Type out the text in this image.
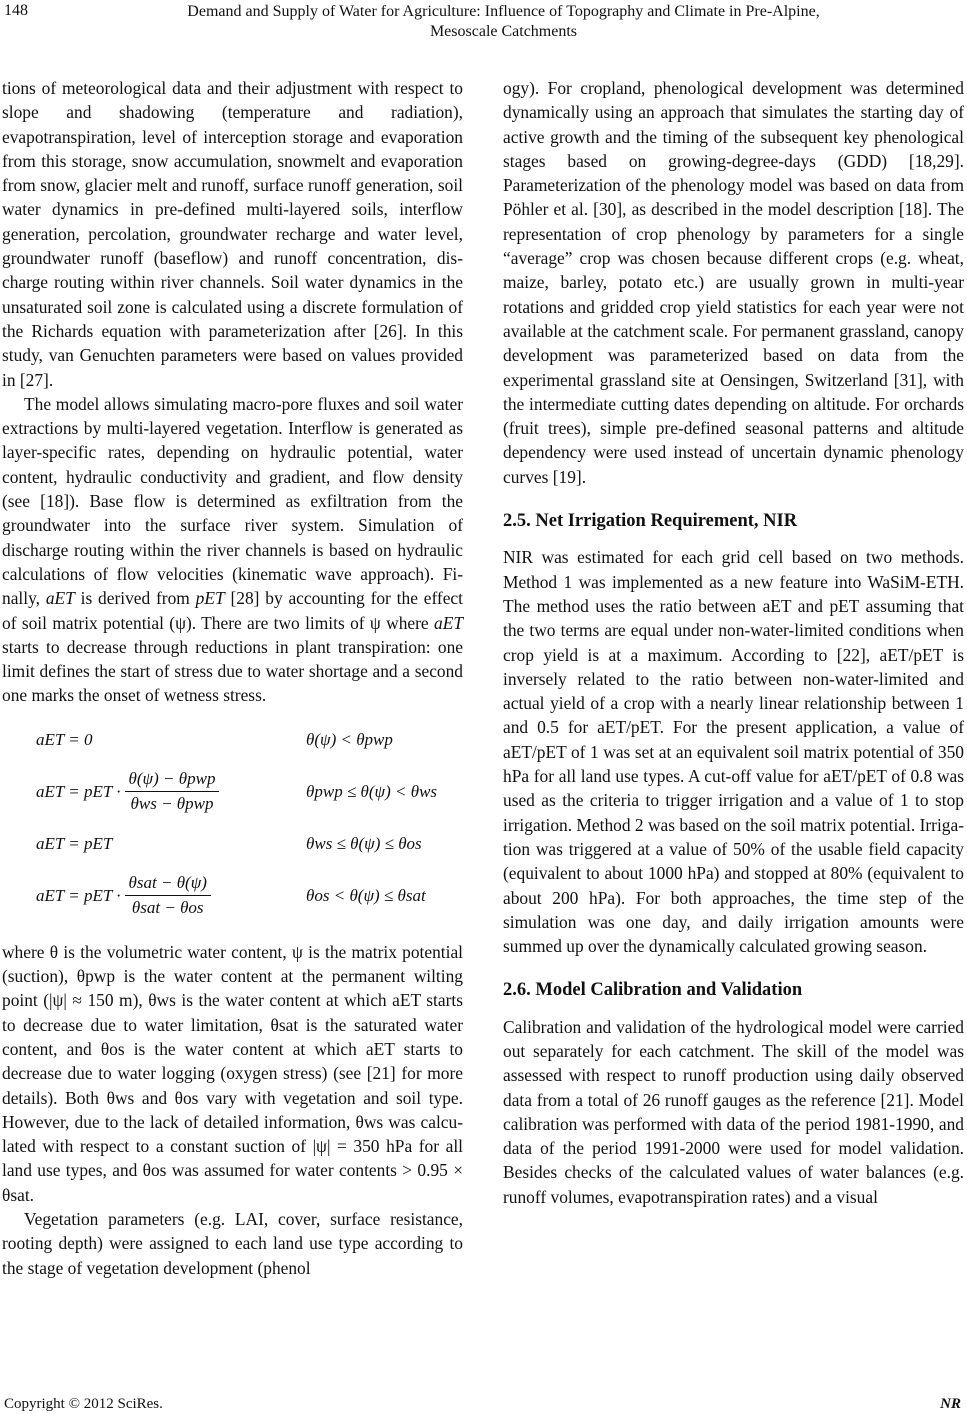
148	Demand and Supply of Water for Agriculture: Influence of Topography and Climate in Pre-Alpine,
Mesoscale Catchments

tions of meteorological data and their adjustment with respect to slope and shadowing (temperature and radiation), evapotranspiration, level of interception storage and evaporation from this storage, snow accumulation, snowmelt and evaporation from snow, glacier melt and runoff, surface runoff generation, soil water dynamics in pre-defined multi-layered soils, interflow generation, percolation, groundwater recharge and water level, groundwater runoff (baseflow) and runoff concentration, discharge routing within river channels. Soil water dynamics in the unsaturated soil zone is calculated using a discrete formulation of the Richards equation with parameterization after [26]. In this study, van Genuchten parameters were based on values provided in [27].

The model allows simulating macro-pore fluxes and soil water extractions by multi-layered vegetation. Interflow is generated as layer-specific rates, depending on hydraulic potential, water content, hydraulic conductivity and gradient, and flow density (see [18]). Base flow is determined as exfiltration from the groundwater into the surface river system. Simulation of discharge routing within the river channels is based on hydraulic calculations of flow velocities (kinematic wave approach). Finally, aET is derived from pET [28] by accounting for the effect of soil matrix potential (ψ). There are two limits of ψ where aET starts to decrease through reductions in plant transpiration: one limit defines the start of stress due to water shortage and a second one marks the onset of wetness stress.

aET = 0	θ(ψ) < θpwp
aET = pET · $\frac{\text{θ(ψ) − θpwp}}{\text{θws − θpwp}}$	θpwp ≤ θ(ψ) < θws
aET = pET	θws ≤ θ(ψ) ≤ θos
aET = pET · $\frac{\text{θsat − θ(ψ)}}{\text{θsat − θos}}$	θos < θ(ψ) ≤ θsat

where θ is the volumetric water content, ψ is the matrix potential (suction), θpwp is the water content at the permanent wilting point (|ψ| ≈ 150 m), θws is the water content at which aET starts to decrease due to water limitation, θsat is the saturated water content, and θos is the water content at which aET starts to decrease due to water logging (oxygen stress) (see [21] for more details). Both θws and θos vary with vegetation and soil type. However, due to the lack of detailed information, θws was calculated with respect to a constant suction of |ψ| = 350 hPa for all land use types, and θos was assumed for water contents > 0.95 × θsat.

Vegetation parameters (e.g. LAI, cover, surface resistance, rooting depth) were assigned to each land use type according to the stage of vegetation development (phenol

ogy). For cropland, phenological development was determined dynamically using an approach that simulates the starting day of active growth and the timing of the subsequent key phenological stages based on growing-degree-days (GDD) [18,29]. Parameterization of the phenology model was based on data from Pöhler et al. [30], as described in the model description [18]. The representation of crop phenology by parameters for a single “average” crop was chosen because different crops (e.g. wheat, maize, barley, potato etc.) are usually grown in multi-year rotations and gridded crop yield statistics for each year were not available at the catchment scale. For permanent grassland, canopy development was parameterized based on data from the experimental grassland site at Oensingen, Switzerland [31], with the intermediate cutting dates depending on altitude. For orchards (fruit trees), simple pre-defined seasonal patterns and altitude dependency were used instead of uncertain dynamic phenology curves [19].

2.5. Net Irrigation Requirement, NIR

NIR was estimated for each grid cell based on two methods. Method 1 was implemented as a new feature into WaSiM-ETH. The method uses the ratio between aET and pET assuming that the two terms are equal under non-water-limited conditions when crop yield is at a maximum. According to [22], aET/pET is inversely related to the ratio between non-water-limited and actual yield of a crop with a nearly linear relationship between 1 and 0.5 for aET/pET. For the present application, a value of aET/pET of 1 was set at an equivalent soil matrix potential of 350 hPa for all land use types. A cut-off value for aET/pET of 0.8 was used as the criteria to trigger irrigation and a value of 1 to stop irrigation. Method 2 was based on the soil matrix potential. Irrigation was triggered at a value of 50% of the usable field capacity (equivalent to about 1000 hPa) and stopped at 80% (equivalent to about 200 hPa). For both approaches, the time step of the simulation was one day, and daily irrigation amounts were summed up over the dynamically calculated growing season.

2.6. Model Calibration and Validation

Calibration and validation of the hydrological model were carried out separately for each catchment. The skill of the model was assessed with respect to runoff production using daily observed data from a total of 26 runoff gauges as the reference [21]. Model calibration was performed with data of the period 1981-1990, and data of the period 1991-2000 were used for model validation. Besides checks of the calculated values of water balances (e.g. runoff volumes, evapotranspiration rates) and a visual

Copyright © 2012 SciRes.	NR
